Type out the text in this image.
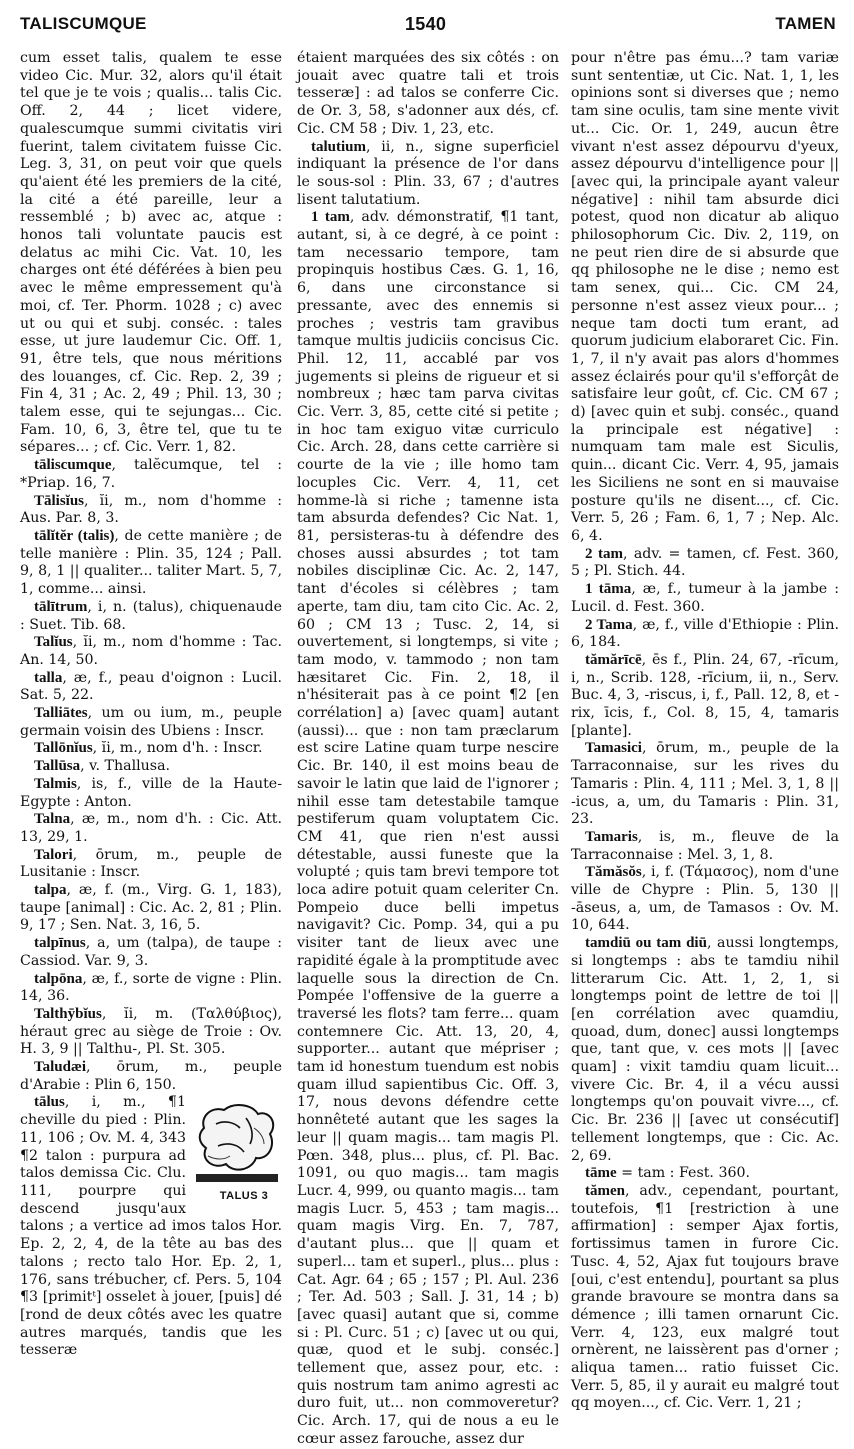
TALISCUMQUE	1540	TAMEN

cum esset talis, qualem te esse video Cic. Mur. 32, alors qu'il était tel que je te vois ; qualis... talis Cic. Off. 2, 44 ; licet videre, qualescumque summi civitatis viri fuerint, talem civitatem fuisse Cic. Leg. 3, 31, on peut voir que quels qu'aient été les premiers de la cité, la cité a été pareille, leur a ressemblé ; b) avec ac, atque : honos tali voluntate paucis est delatus ac mihi Cic. Vat. 10, les charges ont été déférées à bien peu avec le même empressement qu'à moi, cf. Ter. Phorm. 1028 ; c) avec ut ou qui et subj. conséc. : tales esse, ut jure laudemur Cic. Off. 1, 91, être tels, que nous méritions des louanges, cf. Cic. Rep. 2, 39 ; Fin 4, 31 ; Ac. 2, 49 ; Phil. 13, 30 ; talem esse, qui te sejungas... Cic. Fam. 10, 6, 3, être tel, que tu te sépares... ; cf. Cic. Verr. 1, 82.

tāliscumque, talĕcumque, tel : *Priap. 16, 7.

Tālisĭus, ĭi, m., nom d'homme : Aus. Par. 8, 3.

tālĭtĕr (talis), de cette manière ; de telle manière : Plin. 35, 124 ; Pall. 9, 8, 1 || qualiter... taliter Mart. 5, 7, 1, comme... ainsi.

tālītrum, i, n. (talus), chiquenaude : Suet. Tib. 68.

Talĭus, ĭi, m., nom d'homme : Tac. An. 14, 50.

talla, æ, f., peau d'oignon : Lucil. Sat. 5, 22.

Talliātes, um ou ium, m., peuple germain voisin des Ubiens : Inscr.

Tallōnĭus, ĭi, m., nom d'h. : Inscr.

Tallūsa, v. Thallusa.

Talmis, is, f., ville de la Haute-Egypte : Anton.

Talna, æ, m., nom d'h. : Cic. Att. 13, 29, 1.

Talori, ōrum, m., peuple de Lusitanie : Inscr.

talpa, æ, f. (m., Virg. G. 1, 183), taupe [animal] : Cic. Ac. 2, 81 ; Plin. 9, 17 ; Sen. Nat. 3, 16, 5.

talpīnus, a, um (talpa), de taupe : Cassiod. Var. 9, 3.

talpōna, æ, f., sorte de vigne : Plin. 14, 36.

Talthȳbĭus, ĭi, m. (Ταλθύβιος), héraut grec au siège de Troie : Ov. H. 3, 9 || Talthu-, Pl. St. 305.

Taludæi, ōrum, m., peuple d'Arabie : Plin 6, 150.

TALUS 3
tālus, i, m., ¶1 cheville du pied : Plin. 11, 106 ; Ov. M. 4, 343 ¶2 talon : purpura ad talos demissa Cic. Clu. 111, pourpre qui descend jusqu'aux talons ; a vertice ad imos talos Hor. Ep. 2, 2, 4, de la tête au bas des talons ; recto talo Hor. Ep. 2, 1, 176, sans trébucher, cf. Pers. 5, 104 ¶3 [primitᵗ] osselet à jouer, [puis] dé [rond de deux côtés avec les quatre autres marqués, tandis que les tesseræ

étaient marquées des six côtés : on jouait avec quatre tali et trois tesseræ] : ad talos se conferre Cic. de Or. 3, 58, s'adonner aux dés, cf. Cic. CM 58 ; Div. 1, 23, etc.

talutium, ii, n., signe superficiel indiquant la présence de l'or dans le sous-sol : Plin. 33, 67 ; d'autres lisent talutatium.

1 tam, adv. démonstratif, ¶1 tant, autant, si, à ce degré, à ce point : tam necessario tempore, tam propinquis hostibus Cæs. G. 1, 16, 6, dans une circonstance si pressante, avec des ennemis si proches ; vestris tam gravibus tamque multis judiciis concisus Cic. Phil. 12, 11, accablé par vos jugements si pleins de rigueur et si nombreux ; hæc tam parva civitas Cic. Verr. 3, 85, cette cité si petite ; in hoc tam exiguo vitæ curriculo Cic. Arch. 28, dans cette carrière si courte de la vie ; ille homo tam locuples Cic. Verr. 4, 11, cet homme-là si riche ; tamenne ista tam absurda defendes? Cic Nat. 1, 81, persisteras-tu à défendre des choses aussi absurdes ; tot tam nobiles disciplinæ Cic. Ac. 2, 147, tant d'écoles si célèbres ; tam aperte, tam diu, tam cito Cic. Ac. 2, 60 ; CM 13 ; Tusc. 2, 14, si ouvertement, si longtemps, si vite ; tam modo, v. tammodo ; non tam hæsitaret Cic. Fin. 2, 18, il n'hésiterait pas à ce point ¶2 [en corrélation] a) [avec quam] autant (aussi)... que : non tam præclarum est scire Latine quam turpe nescire Cic. Br. 140, il est moins beau de savoir le latin que laid de l'ignorer ; nihil esse tam detestabile tamque pestiferum quam voluptatem Cic. CM 41, que rien n'est aussi détestable, aussi funeste que la volupté ; quis tam brevi tempore tot loca adire potuit quam celeriter Cn. Pompeio duce belli impetus navigavit? Cic. Pomp. 34, qui a pu visiter tant de lieux avec une rapidité égale à la promptitude avec laquelle sous la direction de Cn. Pompée l'offensive de la guerre a traversé les flots? tam ferre... quam contemnere Cic. Att. 13, 20, 4, supporter... autant que mépriser ; tam id honestum tuendum est nobis quam illud sapientibus Cic. Off. 3, 17, nous devons défendre cette honnêteté autant que les sages la leur || quam magis... tam magis Pl. Pœn. 348, plus... plus, cf. Pl. Bac. 1091, ou quo magis... tam magis Lucr. 4, 999, ou quanto magis... tam magis Lucr. 5, 453 ; tam magis... quam magis Virg. En. 7, 787, d'autant plus... que || quam et superl... tam et superl., plus... plus : Cat. Agr. 64 ; 65 ; 157 ; Pl. Aul. 236 ; Ter. Ad. 503 ; Sall. J. 31, 14 ; b) [avec quasi] autant que si, comme si : Pl. Curc. 51 ; c) [avec ut ou qui, quæ, quod et le subj. conséc.] tellement que, assez pour, etc. : quis nostrum tam animo agresti ac duro fuit, ut... non commoveretur? Cic. Arch. 17, qui de nous a eu le cœur assez farouche, assez dur

pour n'être pas ému...? tam variæ sunt sententiæ, ut Cic. Nat. 1, 1, les opinions sont si diverses que ; nemo tam sine oculis, tam sine mente vivit ut... Cic. Or. 1, 249, aucun être vivant n'est assez dépourvu d'yeux, assez dépourvu d'intelligence pour || [avec qui, la principale ayant valeur négative] : nihil tam absurde dici potest, quod non dicatur ab aliquo philosophorum Cic. Div. 2, 119, on ne peut rien dire de si absurde que qq philosophe ne le dise ; nemo est tam senex, qui... Cic. CM 24, personne n'est assez vieux pour... ; neque tam docti tum erant, ad quorum judicium elaboraret Cic. Fin. 1, 7, il n'y avait pas alors d'hommes assez éclairés pour qu'il s'efforçât de satisfaire leur goût, cf. Cic. CM 67 ; d) [avec quin et subj. conséc., quand la principale est négative] : numquam tam male est Siculis, quin... dicant Cic. Verr. 4, 95, jamais les Siciliens ne sont en si mauvaise posture qu'ils ne disent..., cf. Cic. Verr. 5, 26 ; Fam. 6, 1, 7 ; Nep. Alc. 6, 4.

2 tam, adv. = tamen, cf. Fest. 360, 5 ; Pl. Stich. 44.

1 tāma, æ, f., tumeur à la jambe : Lucil. d. Fest. 360.

2 Tama, æ, f., ville d'Ethiopie : Plin. 6, 184.

tămărīcē, ēs f., Plin. 24, 67, -rīcum, i, n., Scrib. 128, -rīcium, ii, n., Serv. Buc. 4, 3, -riscus, i, f., Pall. 12, 8, et -rix, īcis, f., Col. 8, 15, 4, tamaris [plante].

Tamasici, ōrum, m., peuple de la Tarraconnaise, sur les rives du Tamaris : Plin. 4, 111 ; Mel. 3, 1, 8 || -icus, a, um, du Tamaris : Plin. 31, 23.

Tamaris, is, m., fleuve de la Tarraconnaise : Mel. 3, 1, 8.

Tămăsŏs, i, f. (Τάμασος), nom d'une ville de Chypre : Plin. 5, 130 || -āseus, a, um, de Tamasos : Ov. M. 10, 644.

tamdiū ou tam diū, aussi longtemps, si longtemps : abs te tamdiu nihil litterarum Cic. Att. 1, 2, 1, si longtemps point de lettre de toi || [en corrélation avec quamdiu, quoad, dum, donec] aussi longtemps que, tant que, v. ces mots || [avec quam] : vixit tamdiu quam licuit... vivere Cic. Br. 4, il a vécu aussi longtemps qu'on pouvait vivre..., cf. Cic. Br. 236 || [avec ut consécutif] tellement longtemps, que : Cic. Ac. 2, 69.

tāme = tam : Fest. 360.

tămen, adv., cependant, pourtant, toutefois, ¶1 [restriction à une affirmation] : semper Ajax fortis, fortissimus tamen in furore Cic. Tusc. 4, 52, Ajax fut toujours brave [oui, c'est entendu], pourtant sa plus grande bravoure se montra dans sa démence ; illi tamen ornarunt Cic. Verr. 4, 123, eux malgré tout ornèrent, ne laissèrent pas d'orner ; aliqua tamen... ratio fuisset Cic. Verr. 5, 85, il y aurait eu malgré tout qq moyen..., cf. Cic. Verr. 1, 21 ;
